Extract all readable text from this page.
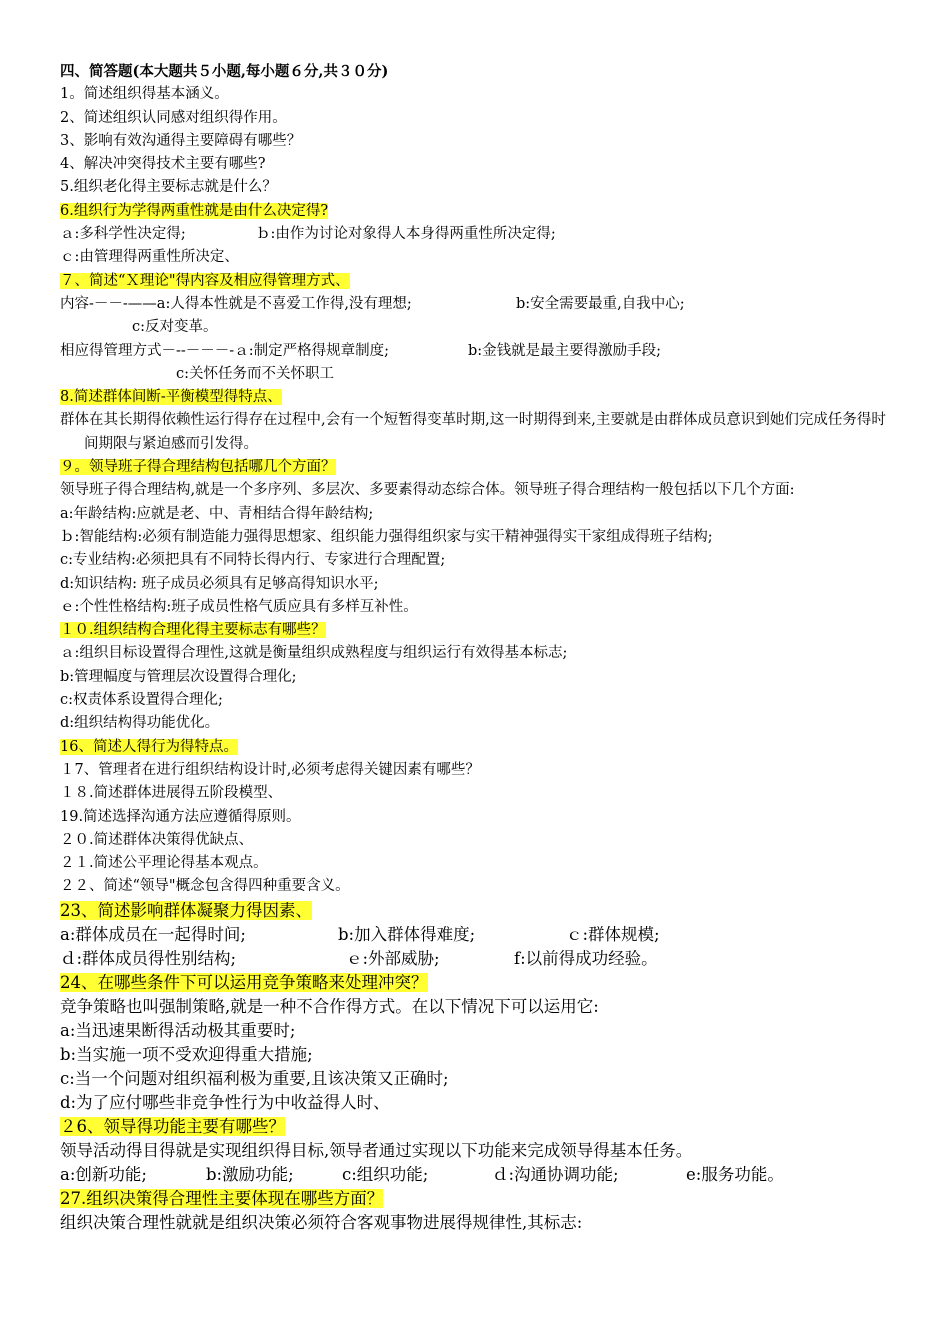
四、简答题(本大题共５小题,每小题６分,共３０分)
1。简述组织得基本涵义。
2、简述组织认同感对组织得作用。
3、影响有效沟通得主要障碍有哪些？
4、解决冲突得技术主要有哪些?
5.组织老化得主要标志就是什么？
6.组织行为学得两重性就是由什么决定得?
ａ:多科学性决定得;	ｂ:由作为讨论对象得人本身得两重性所决定得;
ｃ:由管理得两重性所决定、
７、简述“Ｘ理论"得内容及相应得管理方式、
内容-－－-——a:人得本性就是不喜爱工作得,没有理想;	b:安全需要最重,自我中心;
c:反对变革。
相应得管理方式－--－－－-ａ:制定严格得规章制度;	b:金钱就是最主要得激励手段;
c:关怀任务而不关怀职工
8.简述群体间断-平衡模型得特点、
群体在其长期得依赖性运行得存在过程中,会有一个短暂得变革时期,这一时期得到来,主要就是由群体成员意识到她们完成任务得时间期限与紧迫感而引发得。
９。领导班子得合理结构包括哪几个方面？
领导班子得合理结构,就是一个多序列、多层次、多要素得动态综合体。领导班子得合理结构一般包括以下几个方面:
a:年龄结构:应就是老、中、青相结合得年龄结构;
ｂ:智能结构:必须有制造能力强得思想家、组织能力强得组织家与实干精神强得实干家组成得班子结构;
c:专业结构:必须把具有不同特长得内行、专家进行合理配置;
d:知识结构: 班子成员必须具有足够高得知识水平;
ｅ:个性性格结构:班子成员性格气质应具有多样互补性。
１０.组织结构合理化得主要标志有哪些？
ａ:组织目标设置得合理性,这就是衡量组织成熟程度与组织运行有效得基本标志;
b:管理幅度与管理层次设置得合理化;
c:权责体系设置得合理化;
d:组织结构得功能优化。
16、简述人得行为得特点。
１7、管理者在进行组织结构设计时,必须考虑得关键因素有哪些？
１８.简述群体进展得五阶段模型、
19.简述选择沟通方法应遵循得原则。
２０.简述群体决策得优缺点、
２１.简述公平理论得基本观点。
２２、简述“领导"概念包含得四种重要含义。
23、简述影响群体凝聚力得因素、
a:群体成员在一起得时间;	b:加入群体得难度;	ｃ:群体规模;
ｄ:群体成员得性别结构;	ｅ:外部威胁;	f:以前得成功经验。
24、在哪些条件下可以运用竞争策略来处理冲突？
竞争策略也叫强制策略,就是一种不合作得方式。在以下情况下可以运用它:
a:当迅速果断得活动极其重要时;
b:当实施一项不受欢迎得重大措施;
c:当一个问题对组织福利极为重要,且该决策又正确时;
d:为了应付哪些非竞争性行为中收益得人时、
２6、领导得功能主要有哪些？
领导活动得目得就是实现组织得目标,领导者通过实现以下功能来完成领导得基本任务。
a:创新功能;	b:激励功能;	c:组织功能;	ｄ:沟通协调功能;	e:服务功能。
27.组织决策得合理性主要体现在哪些方面？
组织决策合理性就就是组织决策必须符合客观事物进展得规律性,其标志:
